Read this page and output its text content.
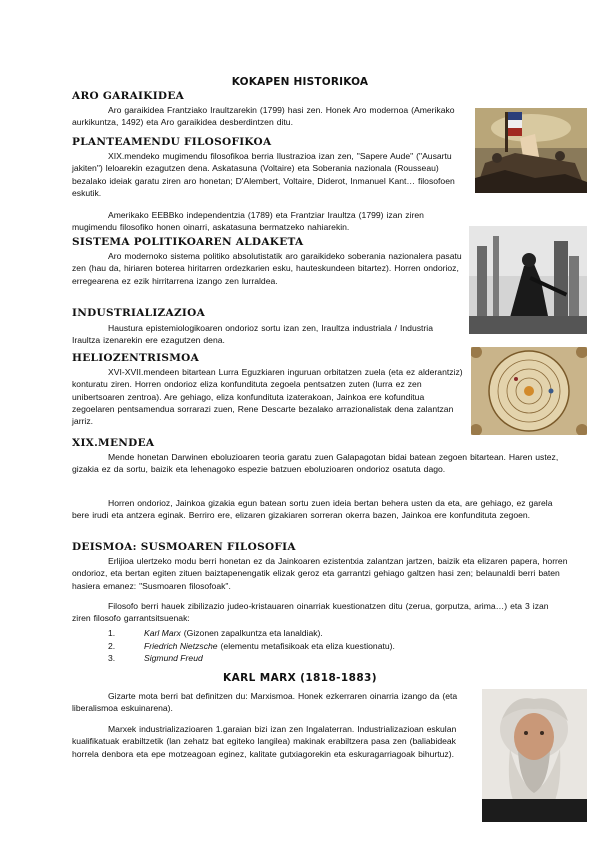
KOKAPEN HISTORIKOA
ARO GARAIKIDEA

Aro garaikidea Frantziako Iraultzarekin (1799) hasi zen. Honek Aro modernoa (Amerikako aurkikuntza, 1492) eta Aro garaikidea desberdintzen ditu.

PLANTEAMENDU FILOSOFIKOA

XIX.mendeko mugimendu filosofikoa berria Ilustrazioa izan zen, "Sapere Aude" ("Ausartu jakiten") leloarekin ezagutzen dena. Askatasuna (Voltaire) eta Soberania nazionala (Rousseau) bezalako ideiak garatu ziren aro honetan; D'Alembert, Voltaire, Diderot, Inmanuel Kant… filosofoen eskutik.

Amerikako EEBBko independentzia (1789) eta Frantziar Iraultza (1799) izan ziren mugimendu filosofiko honen oinarri, askatasuna bermatzeko nahiarekin.

SISTEMA POLITIKOAREN ALDAKETA

Aro modernoko sistema politiko absolutistatik aro garaikideko soberania nazionalera pasatu zen (hau da, hiriaren boterea hiritarren ordezkarien esku, hauteskundeen bitartez). Horren ondorioz, erregearena ez ezik hirritarrena izango zen lurraldea.

INDUSTRIALIZAZIOA

Haustura epistemiologikoaren ondorioz sortu izan zen, Iraultza industriala / Industria Iraultza izenarekin ere ezagutzen dena.

HELIOZENTRISMOA

XVI-XVII.mendeen bitartean Lurra Eguzkiaren inguruan orbitatzen zuela (eta ez alderantziz) konturatu ziren. Horren ondorioz eliza konfundituta zegoela pentsatzen zuten (lurra ez zen unibertsoaren zentroa). Are gehiago, eliza konfundituta izaterakoan, Jainkoa ere kofunditua zegoelaren pentsamendua sorrarazi zuen, Rene Descarte bezalako arrazionalistak dena zalantzan jarriz.

XIX.MENDEA

Mende honetan Darwinen eboluzioaren teoria garatu zuen Galapagotan bidai batean zegoen bitartean. Haren ustez, gizakia ez da sortu, baizik eta lehenagoko espezie batzuen eboluzioaren ondorioz osatuta dago.

Horren ondorioz, Jainkoa gizakia egun batean sortu zuen ideia bertan behera usten da eta, are gehiago, ez garela bere irudi eta antzera eginak. Berriro ere, elizaren gizakiaren sorreran okerra bazen, Jainkoa ere konfundituta zegoen.

DEISMOA: SUSMOAREN FILOSOFIA

Erlijioa ulertzeko modu berri honetan ez da Jainkoaren ezistentxia zalantzan jartzen, baizik eta elizaren papera, horren ondorioz, eta bertan egiten zituen baiztapenengatik elizak geroz eta garrantzi gehiago galtzen hasi zen; belaunaldi berri baten hasiera emanez: "Susmoaren filosofoak".

Filosofo berri hauek zibilizazio judeo-kristauaren oinarriak kuestionatzen ditu (zerua, gorputza, arima…) eta 3 izan ziren filosofo garrantsitsuenak:

1.	Karl Marx (Gizonen zapalkuntza eta lanaldiak).
2.	Friedrich Nietzsche (elementu metafisikoak eta eliza kuestionatu).
3.	Sigmund Freud
KARL MARX (1818-1883)

Gizarte mota berri bat definitzen du: Marxismoa. Honek ezkerraren oinarria izango da (eta liberalismoa eskuinarena).

Marxek industrializazioaren 1.garaian bizi izan zen Ingalaterran. Industrializazioan eskulan kualifikatuak erabiltzetik (lan zehatz bat egiteko langilea) makinak erabiltzera pasa zen (baliabideak horrela denbora eta epe motzeagoan eginez, kalitate gutxiagorekin eta eskuragarriagoak bihurtuz).
